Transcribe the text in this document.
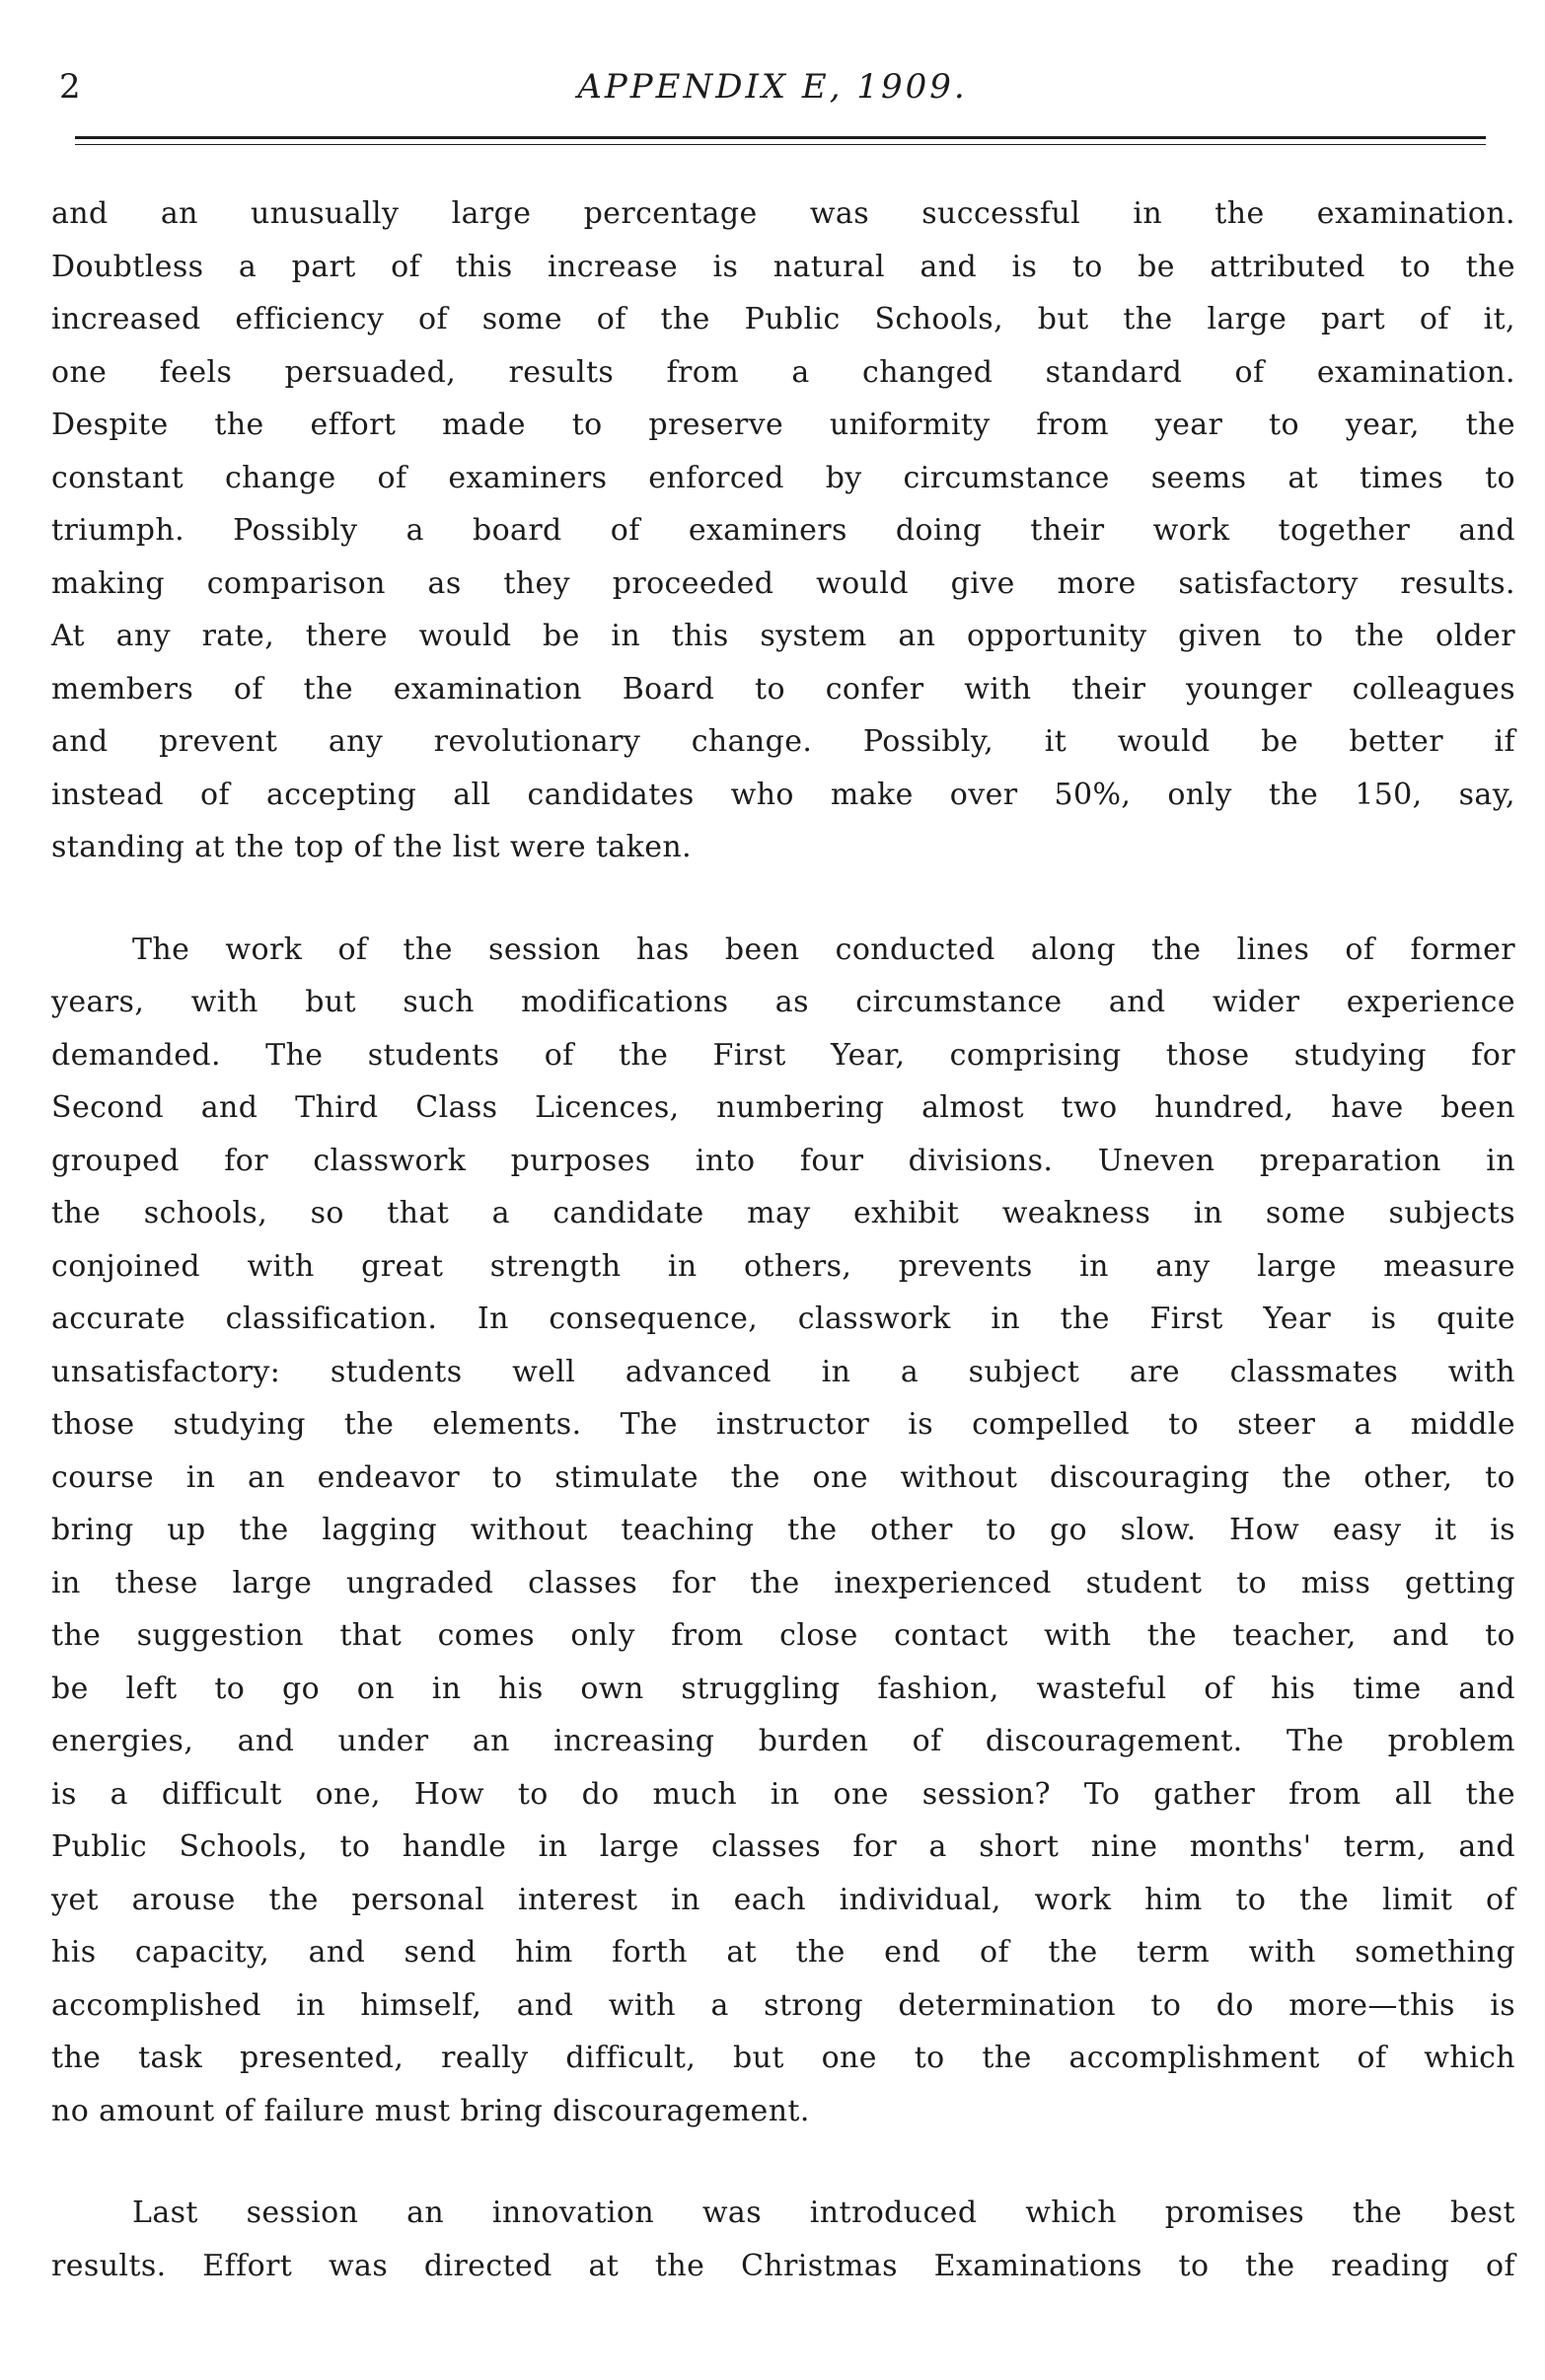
2	APPENDIX E, 1909.

and an unusually large percentage was successful in the examination.
Doubtless a part of this increase is natural and is to be attributed to the
increased efficiency of some of the Public Schools, but the large part of it,
one feels persuaded, results from a changed standard of examination.
Despite the effort made to preserve uniformity from year to year, the
constant change of examiners enforced by circumstance seems at times to
triumph. Possibly a board of examiners doing their work together and
making comparison as they proceeded would give more satisfactory results.
At any rate, there would be in this system an opportunity given to the older
members of the examination Board to confer with their younger colleagues
and prevent any revolutionary change. Possibly, it would be better if
instead of accepting all candidates who make over 50%, only the 150, say,
standing at the top of the list were taken.

The work of the session has been conducted along the lines of former
years, with but such modifications as circumstance and wider experience
demanded. The students of the First Year, comprising those studying for
Second and Third Class Licences, numbering almost two hundred, have been
grouped for classwork purposes into four divisions. Uneven preparation in
the schools, so that a candidate may exhibit weakness in some subjects
conjoined with great strength in others, prevents in any large measure
accurate classification. In consequence, classwork in the First Year is quite
unsatisfactory: students well advanced in a subject are classmates with
those studying the elements. The instructor is compelled to steer a middle
course in an endeavor to stimulate the one without discouraging the other, to
bring up the lagging without teaching the other to go slow. How easy it is
in these large ungraded classes for the inexperienced student to miss getting
the suggestion that comes only from close contact with the teacher, and to
be left to go on in his own struggling fashion, wasteful of his time and
energies, and under an increasing burden of discouragement. The problem
is a difficult one, How to do much in one session? To gather from all the
Public Schools, to handle in large classes for a short nine months' term, and
yet arouse the personal interest in each individual, work him to the limit of
his capacity, and send him forth at the end of the term with something
accomplished in himself, and with a strong determination to do more—this is
the task presented, really difficult, but one to the accomplishment of which
no amount of failure must bring discouragement.

Last session an innovation was introduced which promises the best
results. Effort was directed at the Christmas Examinations to the reading of
